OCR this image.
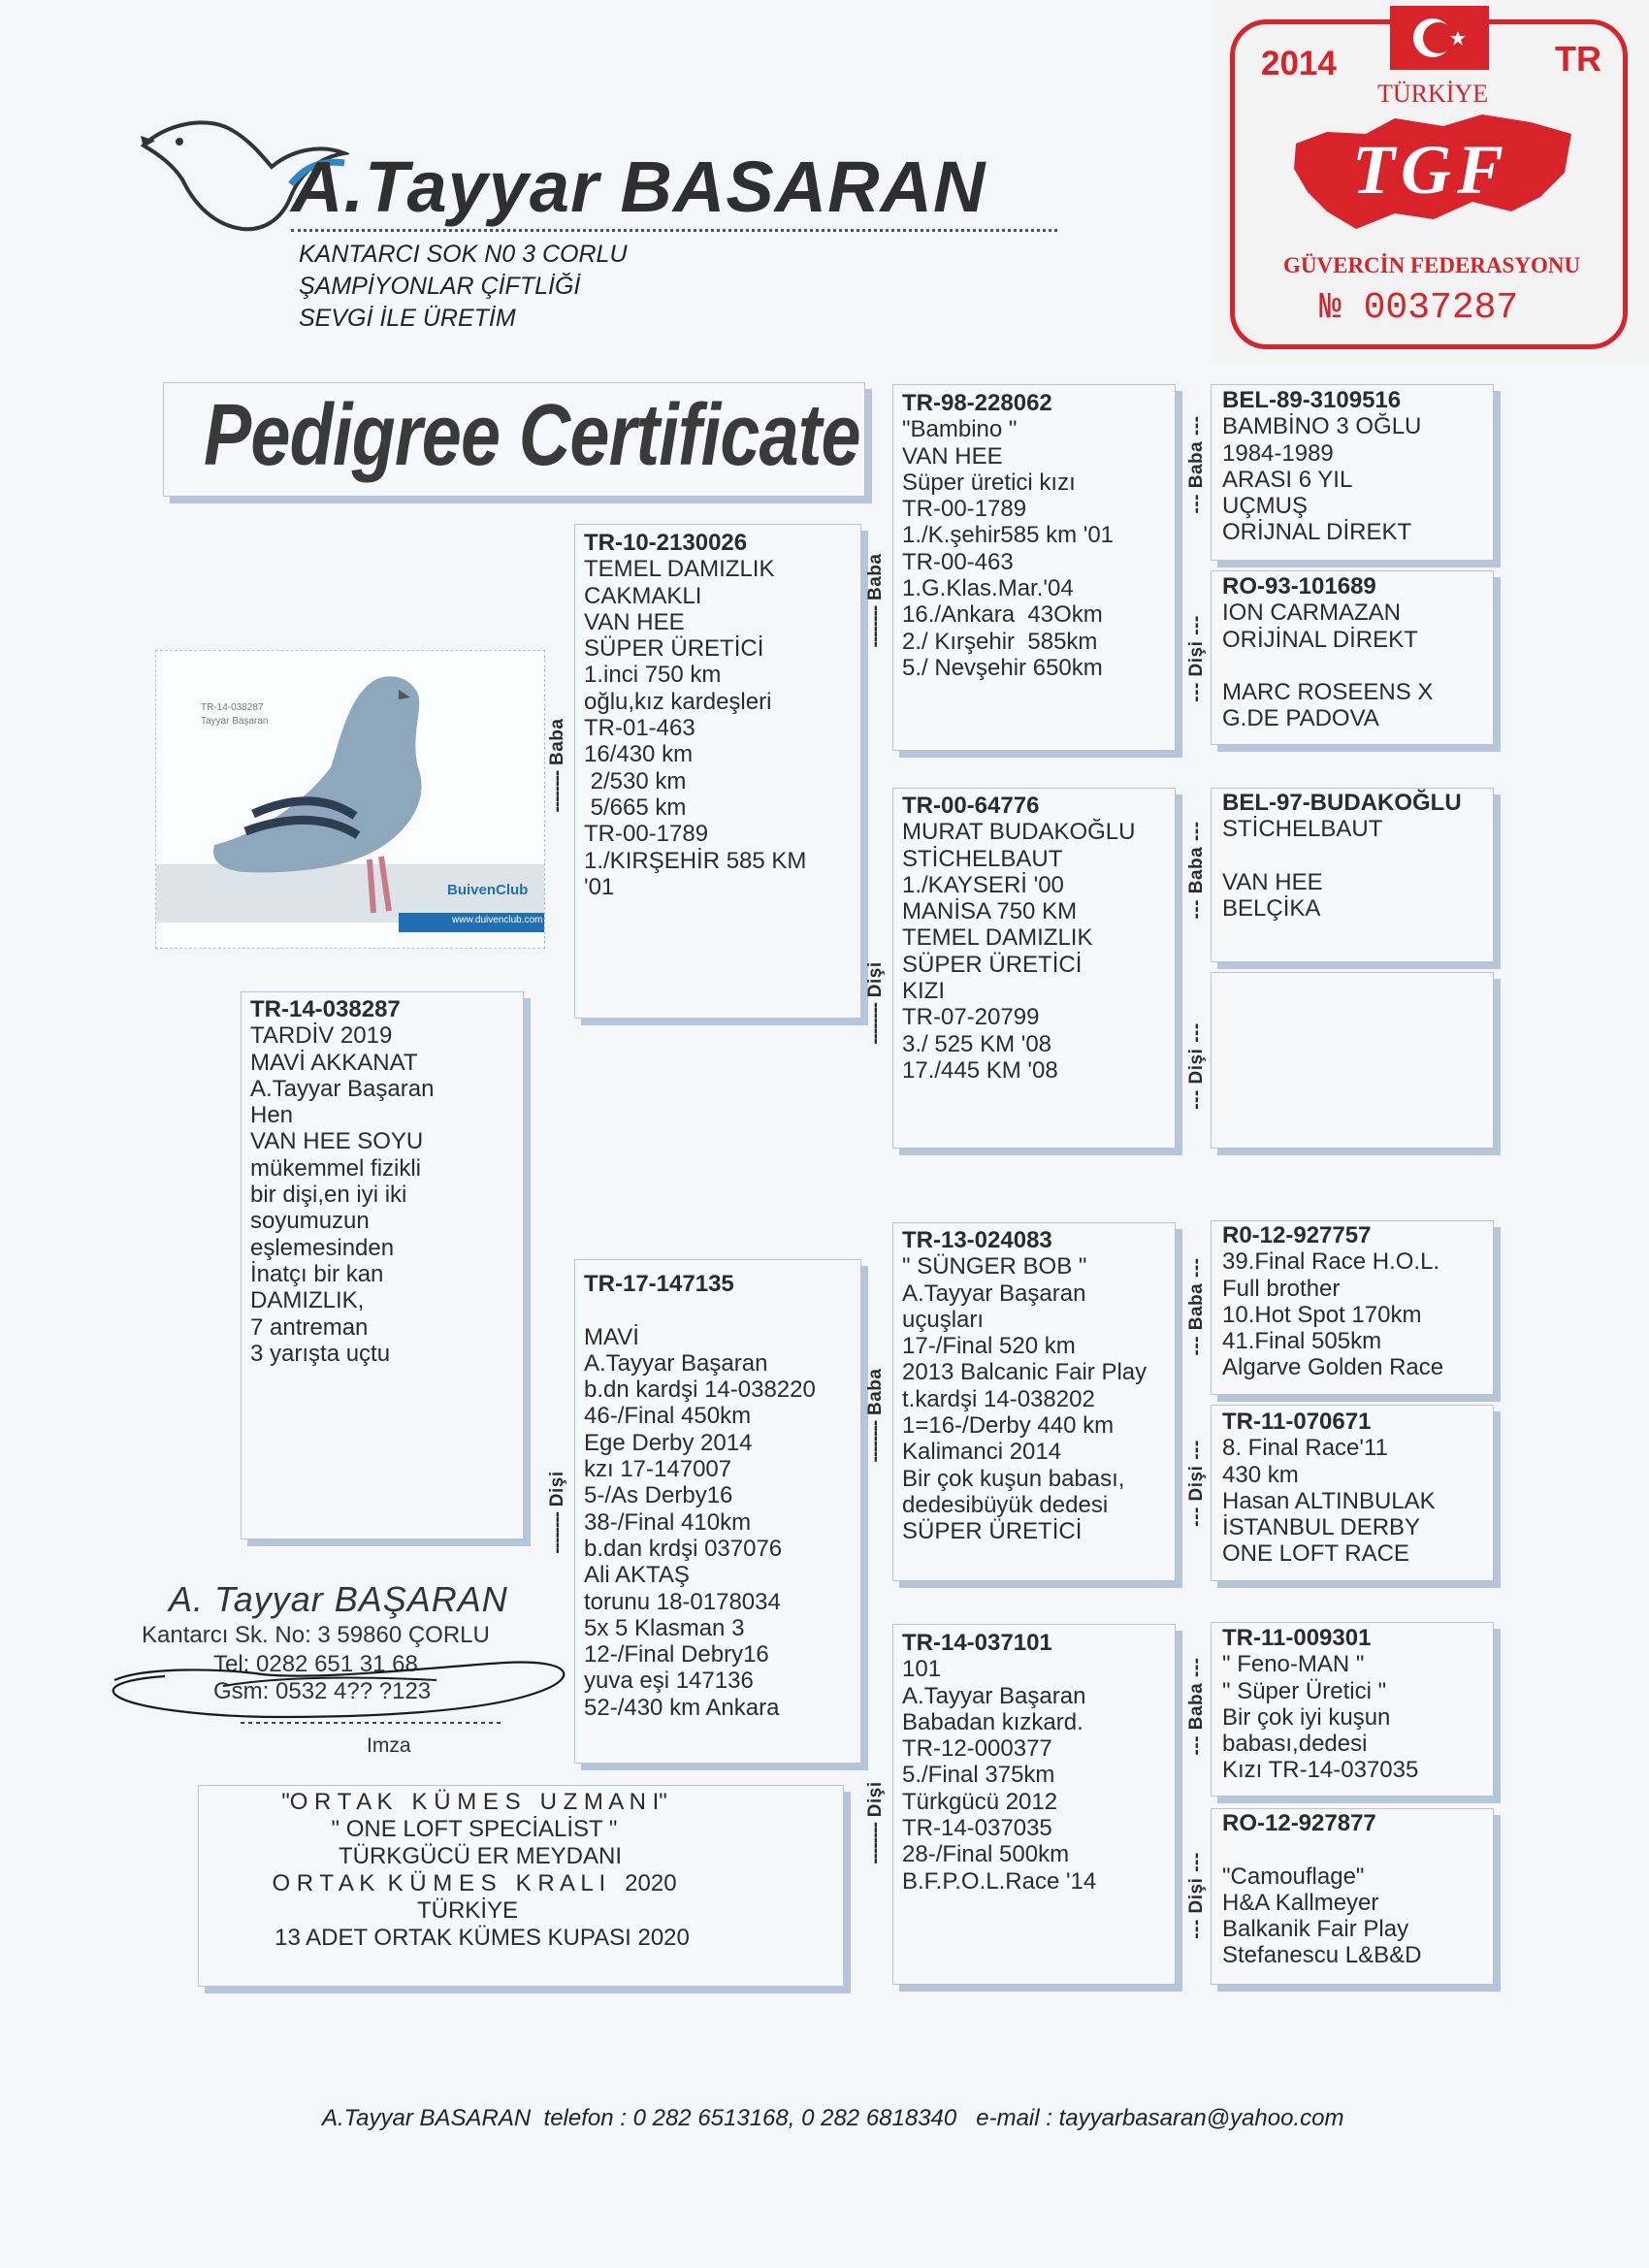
A.Tayyar BASARAN
KANTARCI SOK N0 3 CORLU
ŞAMPİYONLAR ÇİFTLİĞİ
SEVGİ İLE ÜRETİM
2014	TR
TÜRKİYE
TGF
GÜVERCİN FEDERASYONU
№ 0037287
Pedigree Certificate
TR-14-038287
Tayyar Başaran
BuivenClub
www.duivenclub.com
TR-14-038287
TARDİV 2019
MAVİ AKKANAT
A.Tayyar Başaran
Hen
VAN HEE SOYU
mükemmel fizikli
bir dişi,en iyi iki
soyumuzun
eşlemesinden
İnatçı bir kan
DAMIZLIK,
7 antreman
3 yarışta uçtu
TR-10-2130026
TEMEL DAMIZLIK
CAKMAKLI
VAN HEE
SÜPER ÜRETİCİ
1.inci 750 km
oğlu,kız kardeşleri
TR-01-463
16/430 km
2/530 km
5/665 km
TR-00-1789
1./KIRŞEHİR 585 KM
'01
TR-17-147135

MAVİ
A.Tayyar Başaran
b.dn kardşi 14-038220
46-/Final 450km
Ege Derby 2014
kzı 17-147007
5-/As Derby16
38-/Final 410km
b.dan krdşi 037076
Ali AKTAŞ
torunu 18-0178034
5x 5 Klasman 3
12-/Final Debry16
yuva eşi 147136
52-/430 km Ankara
TR-98-228062
"Bambino "
VAN HEE
Süper üretici kızı
TR-00-1789
1./K.şehir585 km '01
TR-00-463
1.G.Klas.Mar.'04
16./Ankara  43Okm
2./ Kırşehir  585km
5./ Nevşehir 650km
TR-00-64776
MURAT BUDAKOĞLU
STİCHELBAUT
1./KAYSERİ '00
MANİSA 750 KM
TEMEL DAMIZLIK
SÜPER ÜRETİCİ
KIZI
TR-07-20799
3./ 525 KM '08
17./445 KM '08
TR-13-024083
" SÜNGER BOB "
A.Tayyar Başaran
uçuşları
17-/Final 520 km
2013 Balcanic Fair Play
t.kardşi 14-038202
1=16-/Derby 440 km
Kalimanci 2014
Bir çok kuşun babası,
dedesibüyük dedesi
SÜPER ÜRETİCİ
TR-14-037101
101
A.Tayyar Başaran
Babadan kızkard.
TR-12-000377
5./Final 375km
Türkgücü 2012
TR-14-037035
28-/Final 500km
B.F.P.O.L.Race '14
BEL-89-3109516
BAMBİNO 3 OĞLU
1984-1989
ARASI 6 YIL
UÇMUŞ
ORİJNAL DİREKT
RO-93-101689
ION CARMAZAN
ORİJİNAL DİREKT

MARC ROSEENS X
G.DE PADOVA
BEL-97-BUDAKOĞLU
STİCHELBAUT

VAN HEE
BELÇİKA
R0-12-927757
39.Final Race H.O.L.
Full brother
10.Hot Spot 170km
41.Final 505km
Algarve Golden Race
TR-11-070671
8. Final Race'11
430 km
Hasan ALTINBULAK
İSTANBUL DERBY
ONE LOFT RACE
TR-11-009301
" Feno-MAN "
" Süper Üretici "
Bir çok iyi kuşun
babası,dedesi
Kızı TR-14-037035
RO-12-927877

"Camouflage"
H&A Kallmeyer
Balkanik Fair Play
Stefanescu L&B&D
-------- Baba
-------- Dişi
-------- Baba
-------- Dişi
-------- Baba
-------- Dişi
--- Baba ---
--- Dişi ---
--- Baba ---
--- Dişi ---
--- Baba ---
--- Dişi ---
--- Baba ---
--- Dişi ---
A. Tayyar BAŞARAN
Kantarcı Sk. No: 3 59860 ÇORLU
Tel: 0282 651 31 68
Gsm: 0532 4?? ?123
Imza
"O R T A K   K Ü M E S   U Z M A N I"
" ONE LOFT SPECİALİST "
TÜRKGÜCÜ ER MEYDANI
O R T A K  K Ü M E S   K R A L I   2020
TÜRKİYE
13 ADET ORTAK KÜMES KUPASI 2020
A.Tayyar BASARAN  telefon : 0 282 6513168, 0 282 6818340   e-mail : tayyarbasaran@yahoo.com
